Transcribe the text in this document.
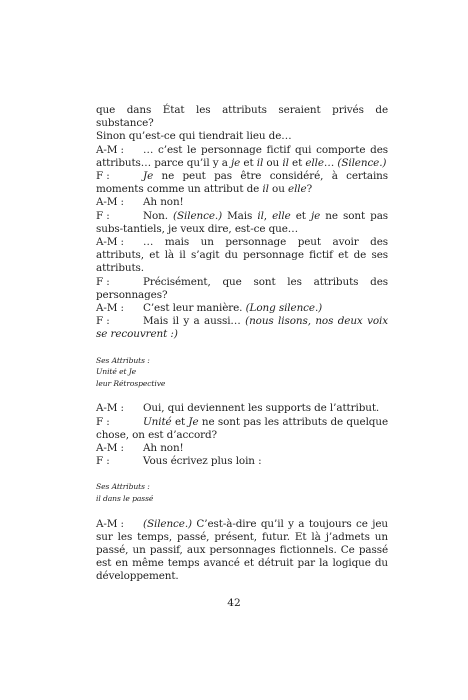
que dans État les attributs seraient privés de substance?

Sinon qu’est-ce qui tiendrait lieu de…

A-M :	… c’est le personnage fictif qui comporte des attributs… parce qu’il y a je et il ou il et elle… (Silence.)
F :	Je ne peut pas être considéré, à certains moments comme un attribut de il ou elle?
A-M :	Ah non!
F :	Non. (Silence.) Mais il, elle et je ne sont pas subs-tantiels, je veux dire, est-ce que…
A-M :	… mais un personnage peut avoir des attributs, et là il s’agit du personnage fictif et de ses attributs.
F :	Précisément, que sont les attributs des personnages?
A-M :	C’est leur manière. (Long silence.)
F :	Mais il y a aussi… (nous lisons, nos deux voix se recouvrent :)
Ses Attributs :
Unité et Je
leur Rétrospective
A-M :	Oui, qui deviennent les supports de l’attribut.
F :	Unité et Je ne sont pas les attributs de quelque chose, on est d’accord?
A-M :	Ah non!
F :	Vous écrivez plus loin :
Ses Attributs :
il dans le passé
A-M :	(Silence.) C’est-à-dire qu’il y a toujours ce jeu sur les temps, passé, présent, futur. Et là j’admets un passé, un passif, aux personnages fictionnels. Ce passé est en même temps avancé et détruit par la logique du développement.
42
